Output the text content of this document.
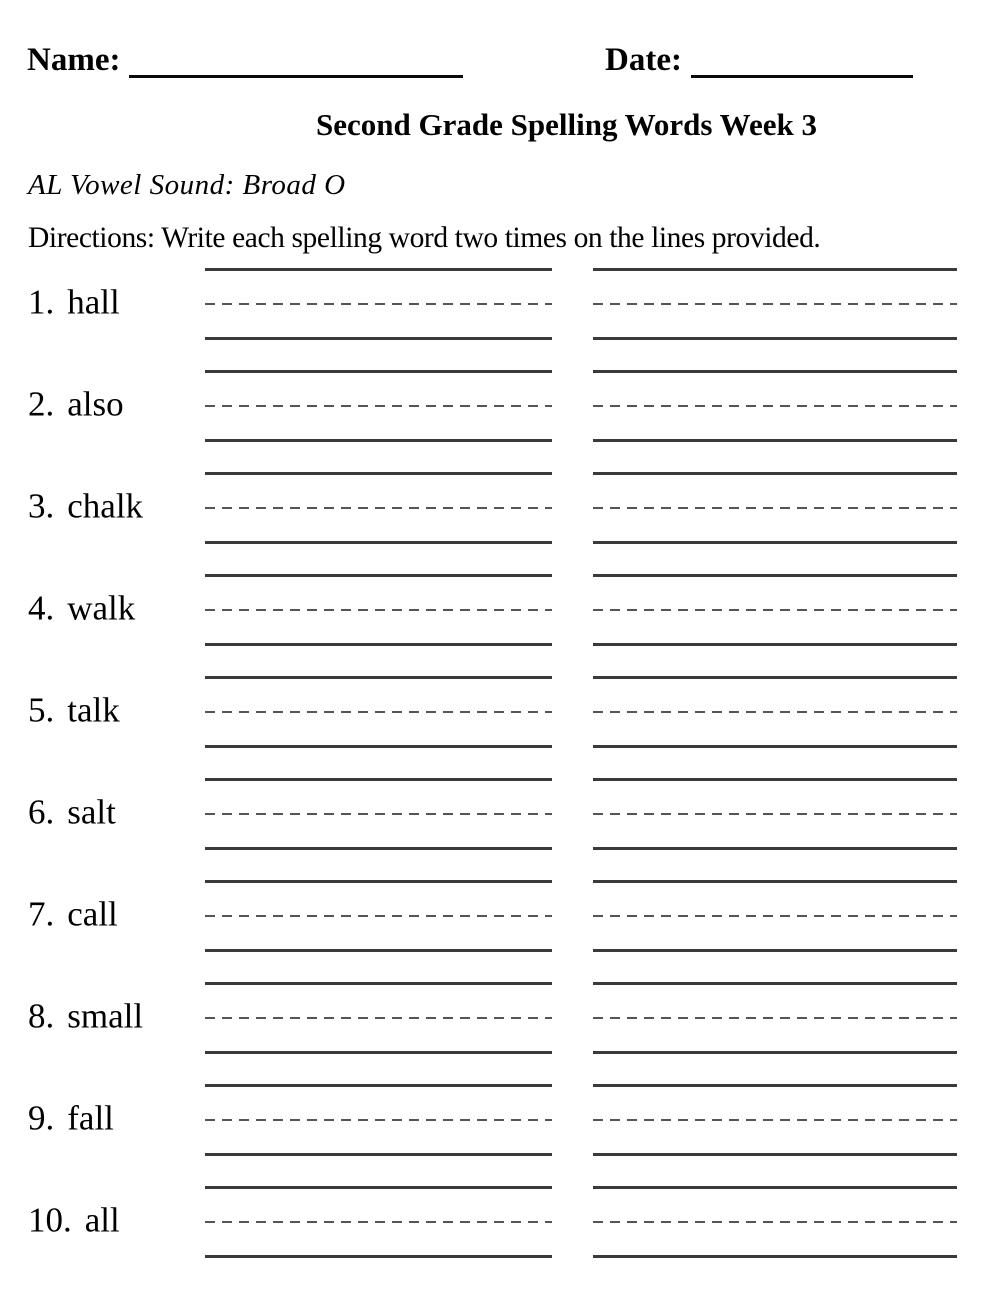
Name:	Date:
Second Grade Spelling Words Week 3
AL Vowel Sound: Broad O
Directions: Write each spelling word two times on the lines provided.
1. hall
2. also
3. chalk
4. walk
5. talk
6. salt
7. call
8. small
9. fall
10. all
